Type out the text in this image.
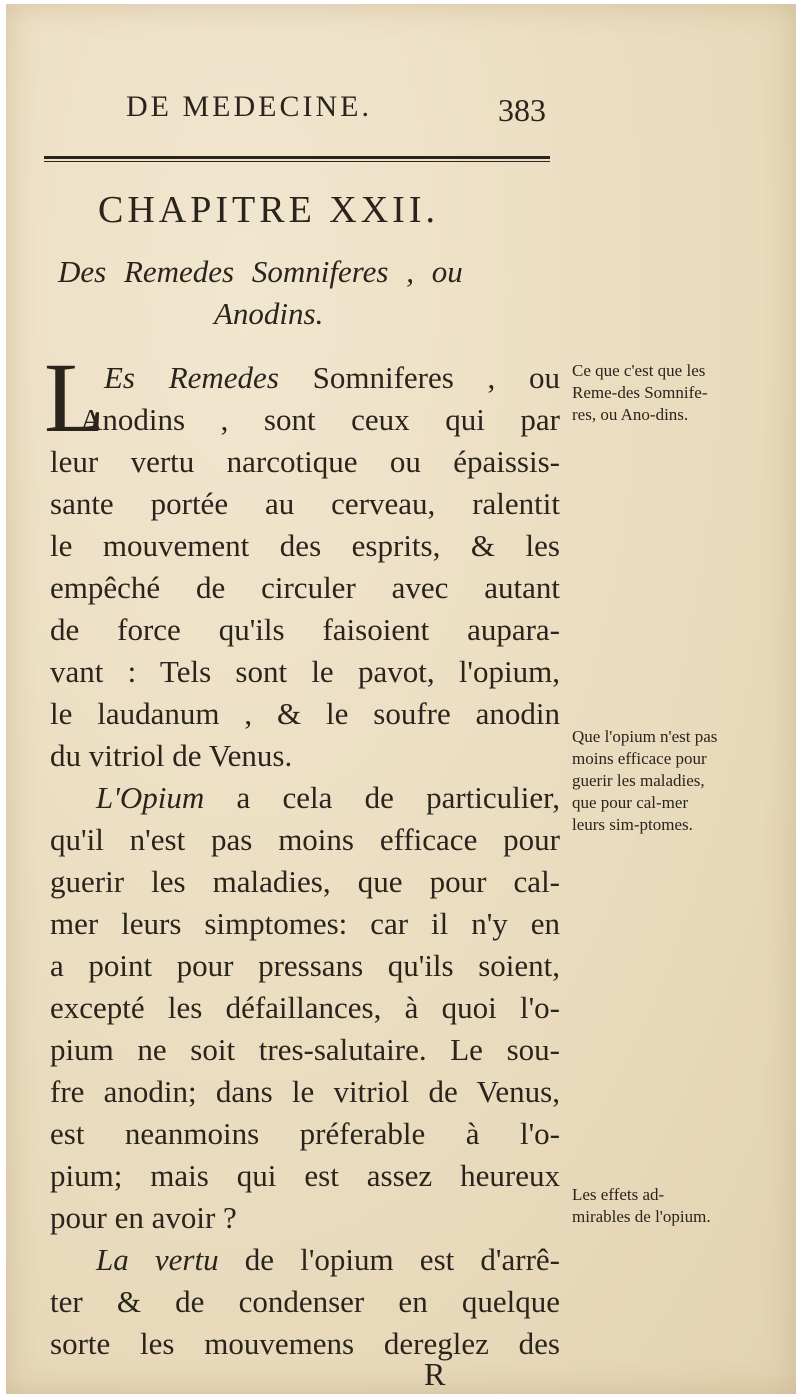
DE MEDECINE.	383
CHAPITRE XXII.
Des Remedes Somniferes , ou
Anodins.
L
Es Remedes Somniferes , ou
Anodins , sont ceux qui par
leur vertu narcotique ou épaissis-
sante portée au cerveau, ralentit
le mouvement des esprits, & les
empêché de circuler avec autant
de force qu'ils faisoient aupara-
vant : Tels sont le pavot, l'opium,
le laudanum , & le soufre anodin
du vitriol de Venus.
L'Opium a cela de particulier,
qu'il n'est pas moins efficace pour
guerir les maladies, que pour cal-
mer leurs simptomes: car il n'y en
a point pour pressans qu'ils soient,
excepté les défaillances, à quoi l'o-
pium ne soit tres-salutaire. Le sou-
fre anodin; dans le vitriol de Venus,
est neanmoins préferable à l'o-
pium; mais qui est assez heureux
pour en avoir ?
La vertu de l'opium est d'arrê-
ter & de condenser en quelque
sorte les mouvemens dereglez des
Ce que c'est que les Reme-des Somnife-res, ou Ano-dins.
Que l'opium n'est pas moins efficace pour guerir les maladies, que pour cal-mer leurs sim-ptomes.
Les effets ad-mirables de l'opium.
R
